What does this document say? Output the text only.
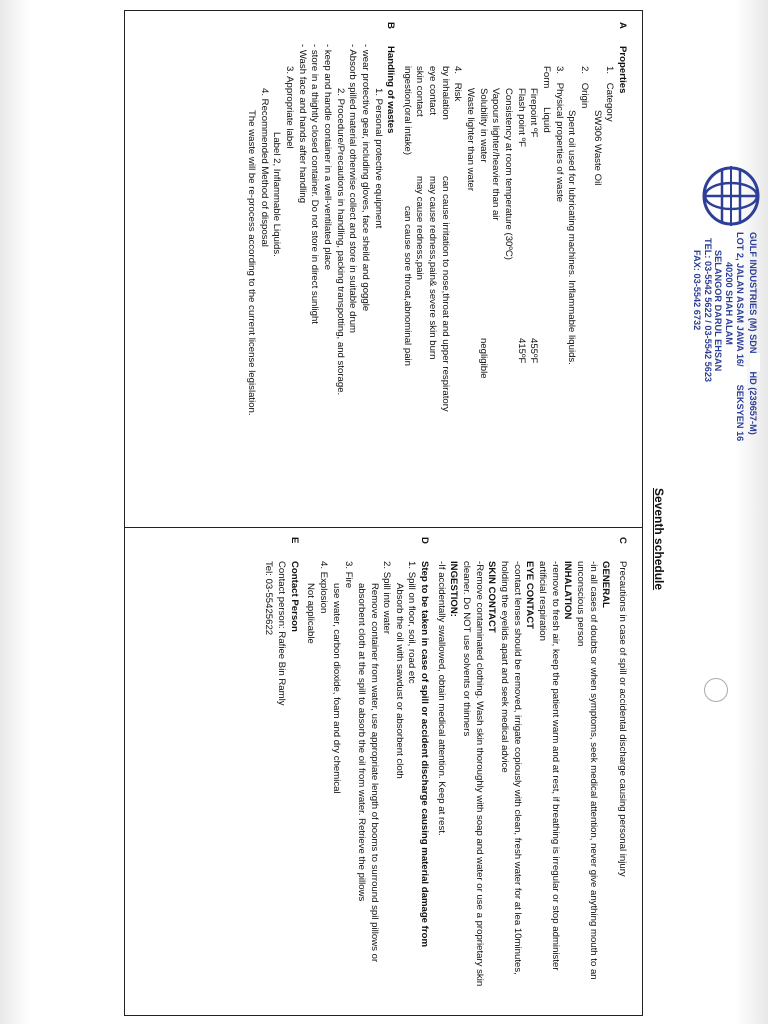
GULF INDUSTRIES (M) SDNHD (239657-M)
LOT 2, JALAN ASAM JAWA 16/SEKSYEN 16
40200 SHAH ALAM
SELANGOR DARUL EHSAN
TEL: 03-5542 5622 / 03-5542 5623
FAX: 03-5542 6732
Seventh schedule
A
Properties
1. Category
SW306 Waste Oil
2. Origin
Spent oil used for lubricating machines. Inflammable liquids.
3. Physical properties of waste
Form Liquid
Firepoint ºF
455ºF
Flash point ºF
415ºF
Consistency at room temperature (30ºC)
Vapours lighter/heavier than air
Solubility in water
negligible
Waste lighter than water
4. Risk
by inhalation
can cause irritation to nose,throat and upper respiratory
eye contact
may cause redness,pain& severe skin burn
skin contact
may cause redness,pain
ingestion(oral intake)
can cause sore throat,abnominal pain
B
Handling of wastes
1. Personal protective equipment
- wear protective gear, including gloves, face sheild and goggle
- Absorb spilled material otherwise collect and store in suitable drum
2. Procedure/Precautions in handling, packing transpotting, and storage.
- keep and handle container in a well-ventilated place
- store in a thightly closed container. Do not store in direct sunlight
- Wash face and hands after handling
3. Appropriate label
Label 2, Inflammable Liquids.
4. Recommended Method of disposal
The waste will be re-process according to the current license legislation.
C
Precautions in case of spill or accidental discharge causing personal injury

GENERAL

-in all cases of doubts or when symptoms, seek medical attention, never give anything mouth to an unconscious person

INHALATION

-remove to fresh air, keep the patient warm and at rest, if breathing is irregular or stop administer artificial respiration

EYE CONTACT

-contact lenses should be removed, irrigate copiously with clean, fresh water for at lea 10minutes, holding the eyelids apart and seek medical advice

SKIN CONTACT

-Remove contaminated clothing. Wash skin thoroughly with soap and water or use a proprietary skin cleaner. Do NOT use solvents or thinners

INGESTION:

-If accidentally swallowed, obtain medical attention. Keep at rest.

D
Step to be taken in case of spill or accident discharge causing material damage from
1. Spill on floor, soil, road etc
Absorb the oil with sawdust or absorbent cloth
2. Spill into water
Remove container from water, use appropriate length of booms to surround spil pillows or absorbent cloth at the spill to absorb the oil from water. Retrieve the pillows
3. Fire
use water, carbon dioxide, foam and dry chemical
4. Explosion
Not applicable
E
Contact Person
Contact person: Rafiee Bin Ramly
Tel: 03-55425622
